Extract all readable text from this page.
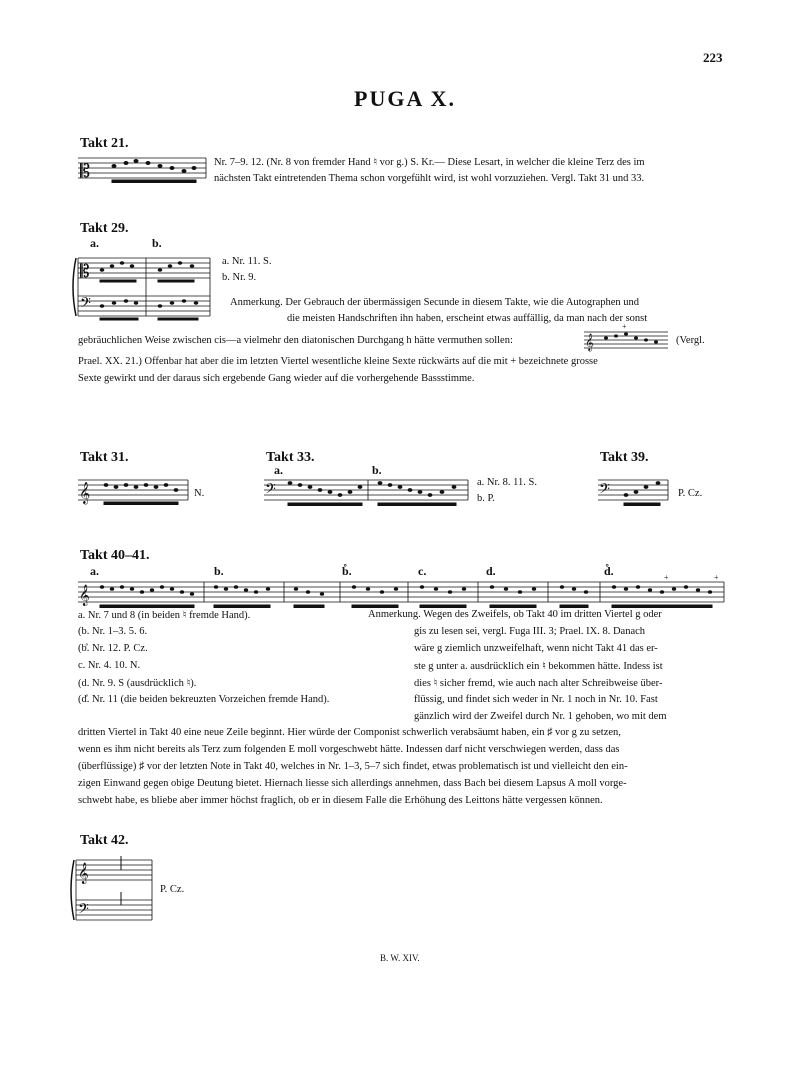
223
PUGA X.
Takt 21.
𝄡	Nr. 7–9. 12. (Nr. 8 von fremder Hand ♮ vor g.) S. Kr.— Diese Lesart, in welcher die kleine Terz des im
nächsten Takt eintretenden Thema schon vorgefühlt wird, ist wohl vorzuziehen. Vergl. Takt 31 und 33.
Takt 29.
a.	b.
𝄡
𝄢
a. Nr. 11. S.
b. Nr. 9.
Anmerkung. Der Gebrauch der übermässigen Secunde in diesem Takte, wie die Autographen und
die meisten Handschriften ihn haben, erscheint etwas auffällig, da man nach der sonst
gebräuchlichen Weise zwischen cis—a vielmehr den diatonischen Durchgang h hätte vermuthen sollen:	𝄞
+
(Vergl.
Prael. XX. 21.) Offenbar hat aber die im letzten Viertel wesentliche kleine Sexte rückwärts auf die mit + bezeichnete grosse
Sexte gewirkt und der daraus sich ergebende Gang wieder auf die vorhergehende Bassstimme.
Takt 31.
𝄞	N.
Takt 33.
a.	b.
𝄢	a. Nr. 8. 11. S.
b. P.
Takt 39.
𝄢	P. Cz.
Takt 40–41.
a.	b.	b̊.	c.	d.	d̊.
𝄞
+	+
a. Nr. 7 und 8 (in beiden ♮ fremde Hand).
(b. Nr. 1–3. 5. 6.
(b̊. Nr. 12. P. Cz.
c. Nr. 4. 10. N.
(d. Nr. 9. S (ausdrücklich ♮).
(d̊. Nr. 11 (die beiden bekreuzten Vorzeichen fremde Hand).
Anmerkung. Wegen des Zweifels, ob Takt 40 im dritten Viertel g oder
gis zu lesen sei, vergl. Fuga III. 3; Prael. IX. 8. Danach
wäre g ziemlich unzweifelhaft, wenn nicht Takt 41 das er-
ste g unter a. ausdrücklich ein ♮ bekommen hätte. Indess ist
dies ♮ sicher fremd, wie auch nach alter Schreibweise über-
flüssig, und findet sich weder in Nr. 1 noch in Nr. 10. Fast
gänzlich wird der Zweifel durch Nr. 1 gehoben, wo mit dem
dritten Viertel in Takt 40 eine neue Zeile beginnt. Hier würde der Componist schwerlich verabsäumt haben, ein ♯ vor g zu setzen,
wenn es ihm nicht bereits als Terz zum folgenden E moll vorgeschwebt hätte. Indessen darf nicht verschwiegen werden, dass das
(überflüssige) ♯ vor der letzten Note in Takt 40, welches in Nr. 1–3, 5–7 sich findet, etwas problematisch ist und vielleicht den ein-
zigen Einwand gegen obige Deutung bietet. Hiernach liesse sich allerdings annehmen, dass Bach bei diesem Lapsus A moll vorge-
schwebt habe, es bliebe aber immer höchst fraglich, ob er in diesem Falle die Erhöhung des Leittons hätte vergessen können.
Takt 42.
𝄞
𝄢
P. Cz.
B. W. XIV.
